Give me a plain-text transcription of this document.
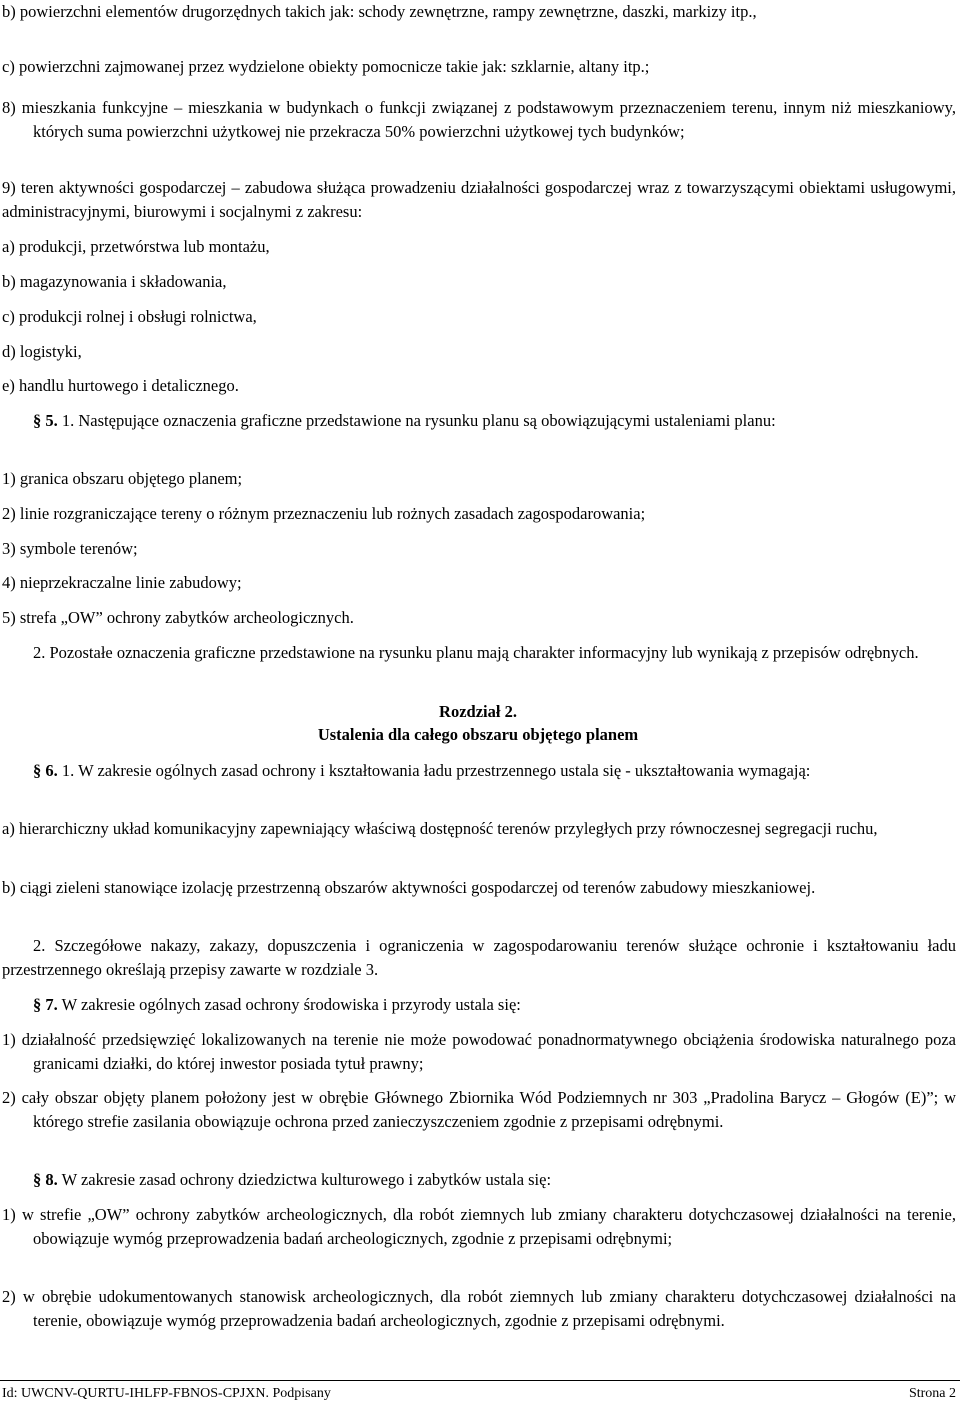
b) powierzchni elementów drugorzędnych takich jak: schody zewnętrzne, rampy zewnętrzne, daszki, markizy itp.,

c) powierzchni zajmowanej przez wydzielone obiekty pomocnicze takie jak: szklarnie, altany itp.;

8) mieszkania funkcyjne – mieszkania w budynkach o funkcji związanej z podstawowym przeznaczeniem terenu, innym niż mieszkaniowy, których suma powierzchni użytkowej nie przekracza 50% powierzchni użytkowej tych budynków;

9) teren aktywności gospodarczej – zabudowa służąca prowadzeniu działalności gospodarczej wraz z towarzyszącymi obiektami usługowymi, administracyjnymi, biurowymi i socjalnymi z zakresu:

a) produkcji, przetwórstwa lub montażu,

b) magazynowania i składowania,

c) produkcji rolnej i obsługi rolnictwa,

d) logistyki,

e) handlu hurtowego i detalicznego.

§ 5. 1. Następujące oznaczenia graficzne przedstawione na rysunku planu są obowiązującymi ustaleniami planu:

1) granica obszaru objętego planem;

2) linie rozgraniczające tereny o różnym przeznaczeniu lub rożnych zasadach zagospodarowania;

3) symbole terenów;

4) nieprzekraczalne linie zabudowy;

5) strefa „OW” ochrony zabytków archeologicznych.

2. Pozostałe oznaczenia graficzne przedstawione na rysunku planu mają charakter informacyjny lub wynikają z przepisów odrębnych.

Rozdział 2.

Ustalenia dla całego obszaru objętego planem

§ 6. 1. W zakresie ogólnych zasad ochrony i kształtowania ładu przestrzennego ustala się - ukształtowania wymagają:

a) hierarchiczny układ komunikacyjny zapewniający właściwą dostępność terenów przyległych przy równoczesnej segregacji ruchu,

b) ciągi zieleni stanowiące izolację przestrzenną obszarów aktywności gospodarczej od terenów zabudowy mieszkaniowej.

2. Szczegółowe nakazy, zakazy, dopuszczenia i ograniczenia w zagospodarowaniu terenów służące ochronie i kształtowaniu ładu przestrzennego określają przepisy zawarte w rozdziale 3.

§ 7. W zakresie ogólnych zasad ochrony środowiska i przyrody ustala się:

1) działalność przedsięwzięć lokalizowanych na terenie nie może powodować ponadnormatywnego obciążenia środowiska naturalnego poza granicami działki, do której inwestor posiada tytuł prawny;

2) cały obszar objęty planem położony jest w obrębie Głównego Zbiornika Wód Podziemnych nr 303 „Pradolina Barycz – Głogów (E)”; w którego strefie zasilania obowiązuje ochrona przed zanieczyszczeniem zgodnie z przepisami odrębnymi.

§ 8. W zakresie zasad ochrony dziedzictwa kulturowego i zabytków ustala się:

1) w strefie „OW” ochrony zabytków archeologicznych, dla robót ziemnych lub zmiany charakteru dotychczasowej działalności na terenie, obowiązuje wymóg przeprowadzenia badań archeologicznych, zgodnie z przepisami odrębnymi;

2) w obrębie udokumentowanych stanowisk archeologicznych, dla robót ziemnych lub zmiany charakteru dotychczasowej działalności na terenie, obowiązuje wymóg przeprowadzenia badań archeologicznych, zgodnie z przepisami odrębnymi.

Id: UWCNV-QURTU-IHLFP-FBNOS-CPJXN. Podpisany	Strona 2
